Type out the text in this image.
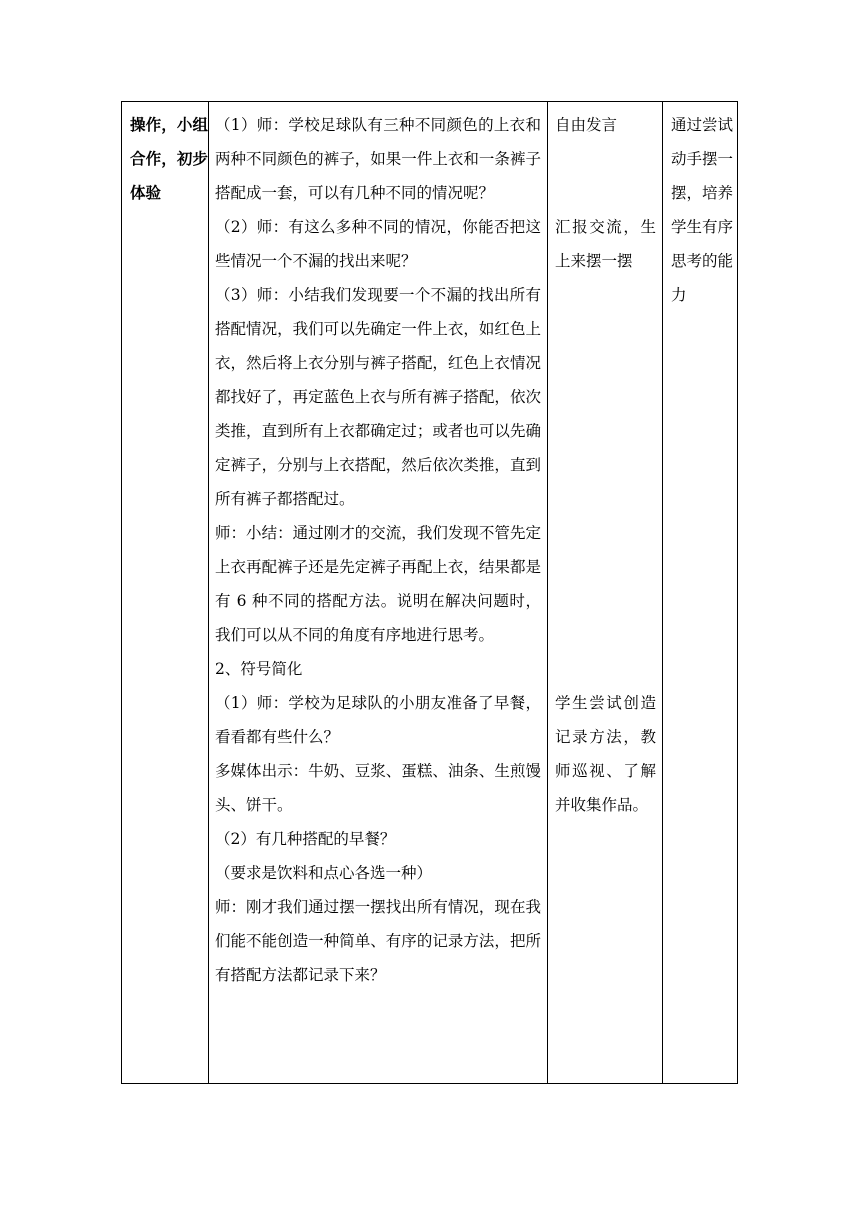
操作，小组合作，初步体验

（1）师：学校足球队有三种不同颜色的上衣和两种不同颜色的裤子，如果一件上衣和一条裤子搭配成一套，可以有几种不同的情况呢？

（2）师：有这么多种不同的情况，你能否把这些情况一个不漏的找出来呢？

（3）师：小结我们发现要一个不漏的找出所有搭配情况，我们可以先确定一件上衣，如红色上衣，然后将上衣分别与裤子搭配，红色上衣情况都找好了，再定蓝色上衣与所有裤子搭配，依次类推，直到所有上衣都确定过；或者也可以先确定裤子，分别与上衣搭配，然后依次类推，直到所有裤子都搭配过。

师：小结：通过刚才的交流，我们发现不管先定上衣再配裤子还是先定裤子再配上衣，结果都是有 6 种不同的搭配方法。说明在解决问题时，我们可以从不同的角度有序地进行思考。

2、符号简化

（1）师：学校为足球队的小朋友准备了早餐，看看都有些什么？

多媒体出示：牛奶、豆浆、蛋糕、油条、生煎馒头、饼干。

（2）有几种搭配的早餐？

（要求是饮料和点心各选一种）

师：刚才我们通过摆一摆找出所有情况，现在我们能不能创造一种简单、有序的记录方法，把所有搭配方法都记录下来？

自由发言

汇报交流，生上来摆一摆

学生尝试创造记录方法，教师巡视、了解并收集作品。

通过尝试动手摆一摆，培养学生有序思考的能力
